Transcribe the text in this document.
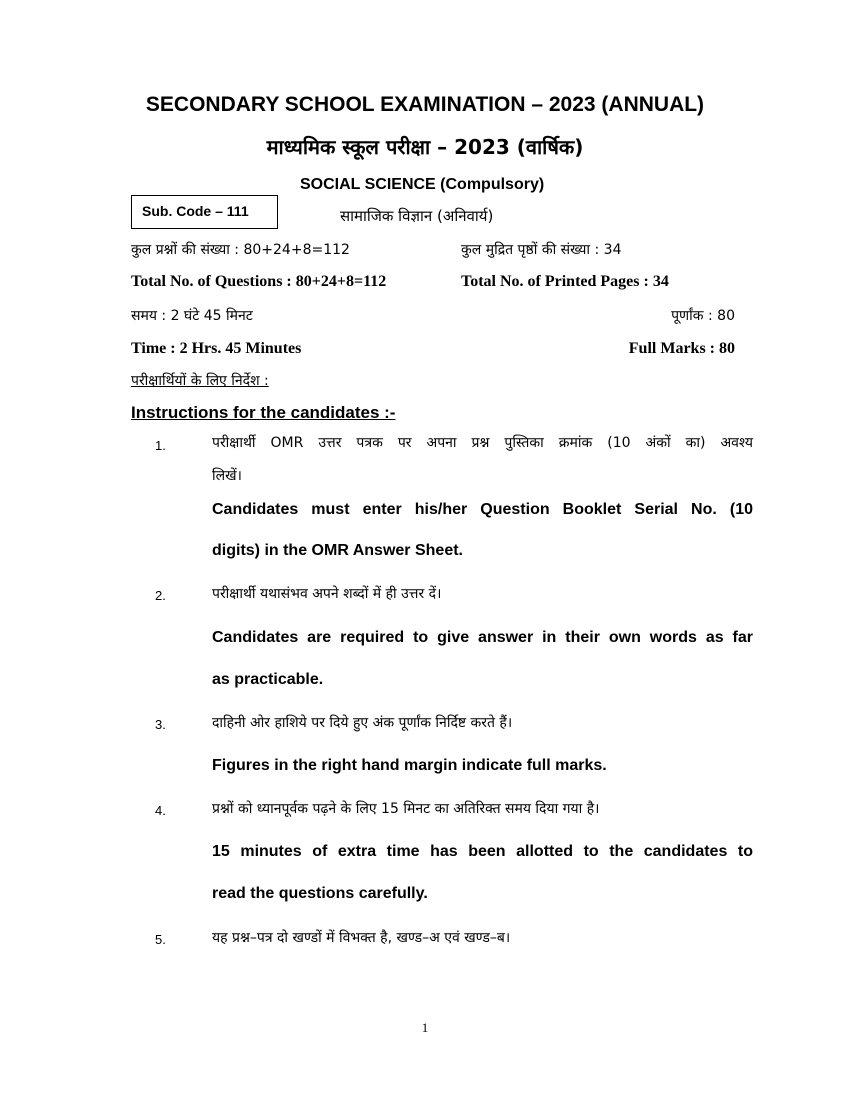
SECONDARY SCHOOL EXAMINATION – 2023 (ANNUAL)
माध्यमिक स्कूल परीक्षा – 2023 (वार्षिक)
SOCIAL SCIENCE (Compulsory)
Sub. Code – 111	सामाजिक विज्ञान (अनिवार्य)
कुल प्रश्नों की संख्या : 80+24+8=112	कुल मुद्रित पृष्ठों की संख्या : 34
Total No. of Questions : 80+24+8=112	Total No. of Printed Pages : 34
समय : 2 घंटे 45 मिनट	पूर्णांक : 80
Time : 2 Hrs. 45 Minutes	Full Marks : 80
परीक्षार्थियों के लिए निर्देश :
Instructions for the candidates :-
1.	परीक्षार्थी OMR उत्तर पत्रक पर अपना प्रश्न पुस्तिका क्रमांक (10 अंकों का) अवश्य
लिखें।
Candidates must enter his/her Question Booklet Serial No. (10
digits) in the OMR Answer Sheet.
2.	परीक्षार्थी यथासंभव अपने शब्दों में ही उत्तर दें।
Candidates are required to give answer in their own words as far
as practicable.
3.	दाहिनी ओर हाशिये पर दिये हुए अंक पूर्णांक निर्दिष्ट करते हैं।
Figures in the right hand margin indicate full marks.
4.	प्रश्नों को ध्यानपूर्वक पढ़ने के लिए 15 मिनट का अतिरिक्त समय दिया गया है।
15 minutes of extra time has been allotted to the candidates to
read the questions carefully.
5.	यह प्रश्न–पत्र दो खण्डों में विभक्त है, खण्ड–अ एवं खण्ड–ब।
1
